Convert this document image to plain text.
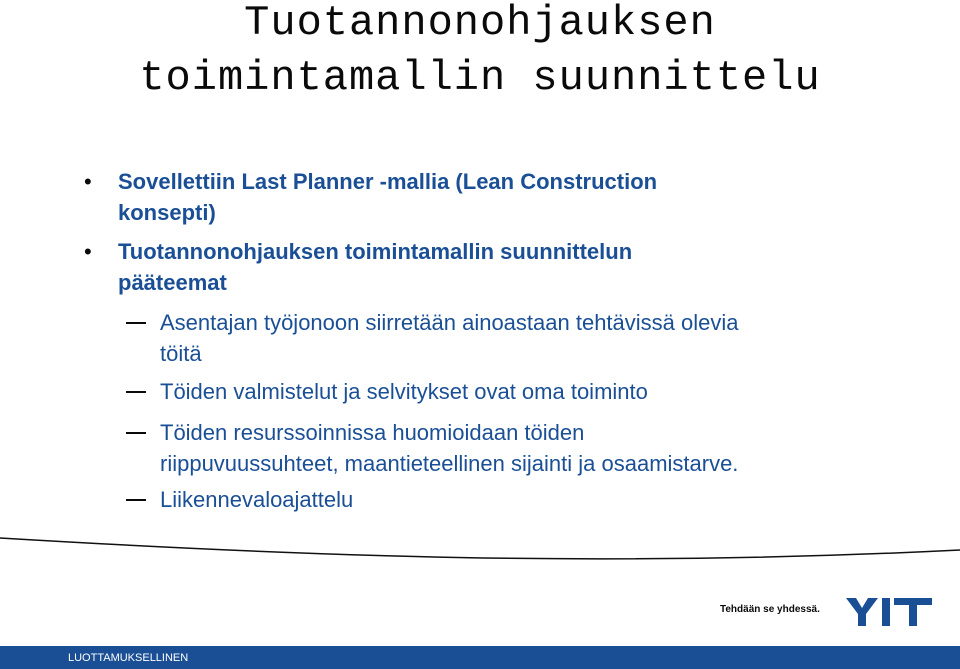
Tuotannonohjauksen
toimintamallin suunnittelu
• Sovellettiin Last Planner -mallia (Lean Construction
konsepti)
• Tuotannonohjauksen toimintamallin suunnittelun
pääteemat
Asentajan työjonoon siirretään ainoastaan tehtävissä olevia
töitä
Töiden valmistelut ja selvitykset ovat oma toiminto
Töiden resurssoinnissa huomioidaan töiden
riippuvuussuhteet, maantieteellinen sijainti ja osaamistarve.
Liikennevaloajattelu
Tehdään se yhdessä.
LUOTTAMUKSELLINEN
